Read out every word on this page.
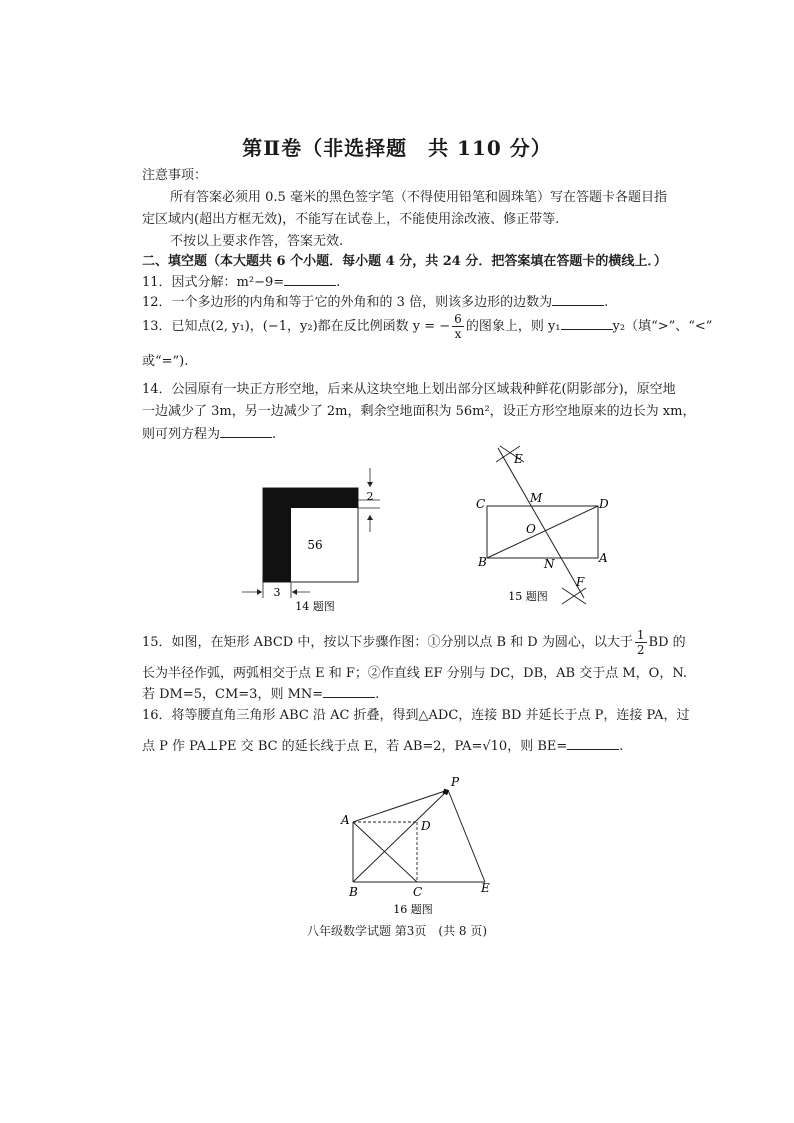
第Ⅱ卷（非选择题　共 110 分）
注意事项：
所有答案必须用 0.5 毫米的黑色签字笔（不得使用铅笔和圆珠笔）写在答题卡各题目指
定区域内(超出方框无效)，不能写在试卷上，不能使用涂改液、修正带等.
不按以上要求作答，答案无效.
二、填空题（本大题共 6 个小题．每小题 4 分，共 24 分．把答案填在答题卡的横线上．）
11．因式分解：m²−9=	.
12．一个多边形的内角和等于它的外角和的 3 倍，则该多边形的边数为	.
13．已知点(2, y₁)，(−1，y₂)都在反比例函数 y = − $\frac{6}{x}$ 的图象上，则 y₁	y₂（填“>”、“<”
或“=”).
14．公园原有一块正方形空地，后来从这块空地上划出部分区域栽种鲜花(阴影部分)，原空地
一边减少了 3m，另一边减少了 2m，剩余空地面积为 56m²，设正方形空地原来的边长为 xm，
则可列方程为	.
56
2
3
14 题图
E
C	M	D
O
B	N	A
F
15 题图
15．如图，在矩形 ABCD 中，按以下步骤作图：①分别以点 B 和 D 为圆心，以大于 $\frac{1}{2}$ BD 的
长为半径作弧，两弧相交于点 E 和 F；②作直线 EF 分别与 DC，DB，AB 交于点 M，O，N.
若 DM=5，CM=3，则 MN=	.
16．将等腰直角三角形 ABC 沿 AC 折叠，得到△ADC，连接 BD 并延长于点 P，连接 PA，过
点 P 作 PA⊥PE 交 BC 的延长线于点 E，若 AB=2，PA=√10，则 BE=	.
P
A	D
B	C	E
16 题图
八年级数学试题 第3页　(共 8 页)
